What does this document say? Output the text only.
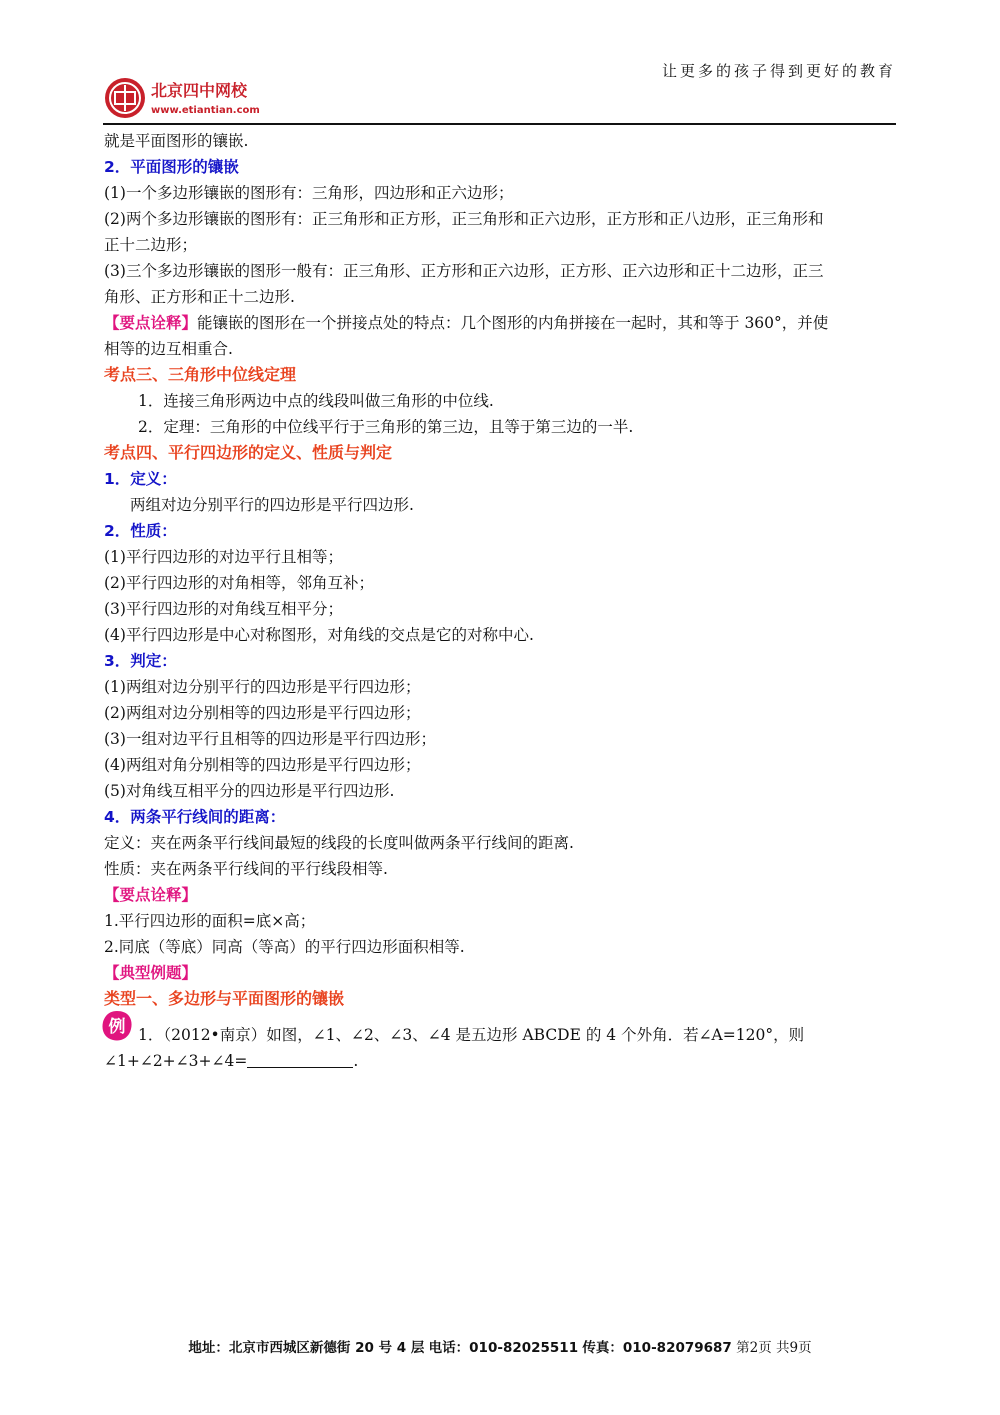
北京四中网校
www.etiantian.com
让更多的孩子得到更好的教育
就是平面图形的镶嵌.
2．平面图形的镶嵌
(1)一个多边形镶嵌的图形有：三角形，四边形和正六边形；
(2)两个多边形镶嵌的图形有：正三角形和正方形，正三角形和正六边形，正方形和正八边形，正三角形和
正十二边形；
(3)三个多边形镶嵌的图形一般有：正三角形、正方形和正六边形，正方形、正六边形和正十二边形，正三
角形、正方形和正十二边形.
【要点诠释】能镶嵌的图形在一个拼接点处的特点：几个图形的内角拼接在一起时，其和等于 360°，并使
相等的边互相重合.
考点三、三角形中位线定理
1．连接三角形两边中点的线段叫做三角形的中位线.
2．定理：三角形的中位线平行于三角形的第三边，且等于第三边的一半.
考点四、平行四边形的定义、性质与判定
1．定义：
两组对边分别平行的四边形是平行四边形.
2．性质：
(1)平行四边形的对边平行且相等；
(2)平行四边形的对角相等，邻角互补；
(3)平行四边形的对角线互相平分；
(4)平行四边形是中心对称图形，对角线的交点是它的对称中心.
3．判定：
(1)两组对边分别平行的四边形是平行四边形；
(2)两组对边分别相等的四边形是平行四边形；
(3)一组对边平行且相等的四边形是平行四边形；
(4)两组对角分别相等的四边形是平行四边形；
(5)对角线互相平分的四边形是平行四边形.
4．两条平行线间的距离：
定义：夹在两条平行线间最短的线段的长度叫做两条平行线间的距离.
性质：夹在两条平行线间的平行线段相等.
【要点诠释】
1.平行四边形的面积=底×高；
2.同底（等底）同高（等高）的平行四边形面积相等.
【典型例题】
类型一、多边形与平面图形的镶嵌
例 1．（2012•南京）如图，∠1、∠2、∠3、∠4 是五边形 ABCDE 的 4 个外角．若∠A=120°，则
∠1+∠2+∠3+∠4=	.
地址：北京市西城区新德街 20 号 4 层 电话：010-82025511 传真：010-82079687 第2页 共9页
